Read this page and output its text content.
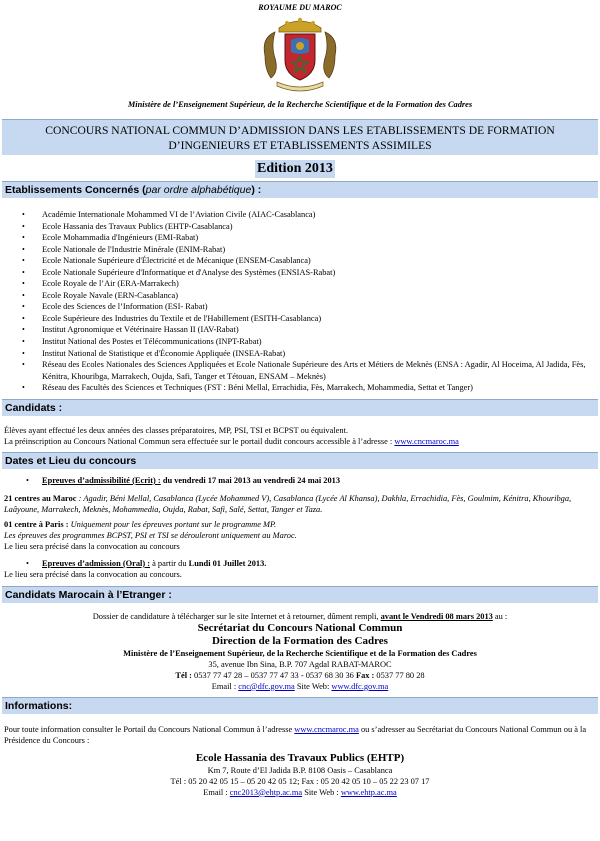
ROYAUME DU MAROC
Ministère de l’Enseignement Supérieur, de la Recherche Scientifique et de la Formation des Cadres
CONCOURS NATIONAL COMMUN D’ADMISSION DANS LES ETABLISSEMENTS DE FORMATION
D’INGENIEURS ET ETABLISSEMENTS ASSIMILES
Edition 2013
Etablissements Concernés (par ordre alphabétique) :
• Académie Internationale Mohammed VI de l’Aviation Civile (AIAC-Casablanca)
• Ecole Hassania des Travaux Publics (EHTP-Casablanca)
• Ecole Mohammadia d'Ingénieurs (EMI-Rabat)
• Ecole Nationale de l'Industrie Minérale (ENIM-Rabat)
• Ecole Nationale Supérieure d'Électricité et de Mécanique (ENSEM-Casablanca)
• Ecole Nationale Supérieure d'Informatique et d'Analyse des Systèmes (ENSIAS-Rabat)
• Ecole Royale de l’Air (ERA-Marrakech)
• Ecole Royale Navale (ERN-Casablanca)
• Ecole des Sciences de l’Information (ESI- Rabat)
• Ecole Supérieure des Industries du Textile et de l'Habillement (ESITH-Casablanca)
• Institut Agronomique et Vétérinaire Hassan II (IAV-Rabat)
• Institut National des Postes et Télécommunications (INPT-Rabat)
• Institut National de Statistique et d'Économie Appliquée (INSEA-Rabat)
• Réseau des Ecoles Nationales des Sciences Appliquées et Ecole Nationale Supérieure des Arts et Métiers de Meknès (ENSA : Agadir, Al Hoceima, Al Jadida, Fès, Kénitra, Khouribga, Marrakech, Oujda, Safi, Tanger et Tétouan, ENSAM – Meknès)
• Réseau des Facultés des Sciences et Techniques (FST : Béni Mellal, Errachidia, Fès, Marrakech, Mohammedia, Settat et Tanger)
Candidats :

Élèves ayant effectué les deux années des classes préparatoires, MP, PSI, TSI et BCPST ou équivalent.

La préinscription au Concours National Commun sera effectuée sur le portail dudit concours accessible à l’adresse : www.cncmaroc.ma

Dates et Lieu du concours

• Epreuves d’admissibilité (Ecrit) : du vendredi 17 mai 2013 au vendredi 24 mai 2013

21 centres au Maroc : Agadir, Béni Mellal, Casablanca (Lycée Mohammed V), Casablanca (Lycée Al Khansa), Dakhla, Errachidia, Fès, Goulmim, Kénitra, Khouribga, Laâyoune, Marrakech, Meknès, Mohammedia, Oujda, Rabat, Safi, Salé, Settat, Tanger et Taza.

01 centre à Paris : Uniquement pour les épreuves portant sur le programme MP.

Les épreuves des programmes BCPST, PSI et TSI se dérouleront uniquement au Maroc.

Le lieu sera précisé dans la convocation au concours

• Epreuves d’admission (Oral) : à partir du Lundi 01 Juillet 2013.

Le lieu sera précisé dans la convocation au concours.

Candidats Marocain à l’Etranger :

Dossier de candidature à télécharger sur le site Internet et à retourner, dûment rempli, avant le Vendredi 08 mars 2013 au :

Secrétariat du Concours National Commun

Direction de la Formation des Cadres

Ministère de l’Enseignement Supérieur, de la Recherche Scientifique et de la Formation des Cadres

35, avenue Ibn Sina, B.P. 707 Agdal RABAT-MAROC

Tél : 0537 77 47 28 – 0537 77 47 33 - 0537 68 30 36 Fax : 0537 77 80 28

Email : cnc@dfc.gov.ma Site Web: www.dfc.gov.ma

Informations:

Pour toute information consulter le Portail du Concours National Commun à l’adresse www.cncmaroc.ma ou s’adresser au Secrétariat du Concours National Commun ou à la Présidence du Concours :

Ecole Hassania des Travaux Publics (EHTP)

Km 7, Route d’El Jadida B.P. 8108 Oasis – Casablanca

Tél : 05 20 42 05 15 – 05 20 42 05 12; Fax : 05 20 42 05 10 – 05 22 23 07 17

Email : cnc2013@ehtp.ac.ma Site Web : www.ehtp.ac.ma
